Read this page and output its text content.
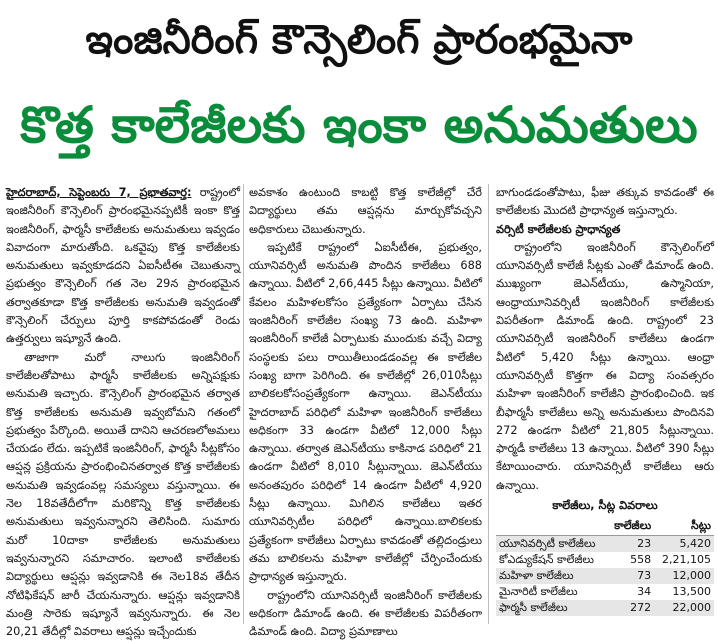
ఇంజినీరింగ్ కౌన్సెలింగ్ ప్రారంభమైనా
కొత్త కాలేజీలకు ఇంకా అనుమతులు

హైదరాబాద్, సెప్టెంబరు 7, ప్రభాతవార్త: రాష్ట్రంలో ఇంజినీరింగ్ కౌన్సెలింగ్ ప్రారంభమైనప్పటికీ ఇంకా కొత్త ఇంజినీరింగ్, ఫార్మసీ కాలేజీలకు అనుమతులు ఇవ్వడం వివాదంగా మారుతోంది. ఒకవైపు కొత్త కాలేజీలకు అనుమతులు ఇవ్వకూడదని ఏఐసీటీఈ చెబుతున్నా ప్రభుత్వం కౌన్సెలింగ్ గత నెల 29న ప్రారంభమైన తర్వాతకూడా కొత్త కాలేజీలకు అనుమతి ఇవ్వడంతో కౌన్సెలింగ్ చేర్పులు పూర్తి కాకపోవడంతో రెండు ఉత్తర్వులు ఇష్యూనే ఉంది.

తాజాగా మరో నాలుగు ఇంజినీరింగ్ కాలేజీలతోపాటు ఫార్మసీ కాలేజీలకు అన్నిపక్షుకు అనుమతి ఇచ్చారు. కౌన్సెలింగ్ ప్రారంభమైన తర్వాత కొత్త కాలేజీలకు అనుమతి ఇవ్వబోమని గతంలో ప్రభుత్వం పేర్కొంది. అయితే దానిని ఆచరణలోఅమలు చేయడం లేదు. ఇప్పటికే ఇంజినీరింగ్, ఫార్మసీ సీట్లకోసం ఆప్షన్ల ప్రక్రియను ప్రారంభించినతర్వాత కొత్త కాలేజీలకు అనుమతి ఇవ్వడంవల్ల సమస్యలు వస్తున్నాయి. ఈ నెల 18వతేదీలోగా మరికొన్ని కొత్త కాలేజీలకు అనుమతులు ఇవ్వనున్నారని తెలిసింది. సుమారు మరో 10దాకా కాలేజీలకు అనుమతులు ఇవ్వనున్నారని సమాచారం. ఇలాంటి కాలేజీలకు విద్యార్థులు ఆప్షన్లు ఇవ్వడానికి ఈ నెల18వ తేదీన నోటిఫికేషన్ జారీ చేయనున్నారు. ఆప్షన్లు ఇవ్వడానికి మంత్రి సారెకు ఇష్యూనే ఇవ్వనున్నారు. ఈ నెల 20,21 తేదీల్లో వివరాలు ఆప్షన్లు ఇచ్చేందుకు

అవకాశం ఉంటుంది కాబట్టి కొత్త కాలేజీల్లో చేరే విద్యార్థులు తమ ఆప్షన్లను మార్చుకోవచ్చని అధికారులు చెబుతున్నారు.

ఇప్పటికే రాష్ట్రంలో ఏఐసీటీఈ, ప్రభుత్వం, యూనివర్సిటీ అనుమతి పొందిన కాలేజీలు 688 ఉన్నాయి. వీటిలో 2,66,445 సీట్లు ఉన్నాయి. వీటిలో కేవలం మహిళలకోసం ప్రత్యేకంగా ఏర్పాటు చేసిన ఇంజినీరింగ్ కాలేజీల సంఖ్య 73 ఉంది. మహిళా ఇంజినీరింగ్ కాలేజీ ఏర్పాటుకు ముందుకు వచ్చే విద్యా సంస్థలకు పలు రాయితీలుండడంవల్ల ఈ కాలేజీల సంఖ్య బాగా పెరిగింది. ఈ కాలేజీల్లో 26,010సీట్లు బాలికలకోసంప్రత్యేకంగా ఉన్నాయి. జెఎన్‌టీయు హైదరాబాద్ పరిధిలో మహిళా ఇంజినీరింగ్ కాలేజీలు అధికంగా 33 ఉండగా వీటిలో 12,000 సీట్లు ఉన్నాయి. తర్వాత జెఎన్‌టీయు కాకినాడ పరిధిలో 21 ఉండగా వీటిలో 8,010 సీట్లున్నాయి. జెఎన్‌టీయు అనంతపురం పరిధిలో 14 ఉండగా వీటిలో 4,920 సీట్లు ఉన్నాయి. మిగిలిన కాలేజీలు ఇతర యూనివర్సిటీల పరిధిలో ఉన్నాయి.బాలికలకు ప్రత్యేకంగా కాలేజీలు ఏర్పాటు కావడంతో తల్లిదండ్రులు తమ బాలికలను మహిళా కాలేజీల్లో చేర్పించేందుకు ప్రాధాన్యత ఇస్తున్నారు.

రాష్ట్రంలోని యూనివర్సిటీ ఇంజినీరింగ్ కాలేజీలకు అధికంగా డిమాండ్ ఉంది. ఈ కాలేజీలకు విపరీతంగా డిమాండ్ ఉంది. విద్యా ప్రమాణాలు

బాగుండడంతోపాటు, ఫీజు తక్కువ కావడంతో ఈ కాలేజీలకు మొదటి ప్రాధాన్యత ఇస్తున్నారు.

వర్సిటీ కాలేజీలకు ప్రాధాన్యత

రాష్ట్రంలోని ఇంజినీరింగ్ కౌన్సెలింగ్‌లో యూనివర్సిటీ కాలేజీ సీట్లకు ఎంతో డిమాండ్ ఉంది. ముఖ్యంగా జెఎన్‌టీయు, ఉస్మానియా, ఆంధ్రాయూనివర్సిటీ ఇంజినీరింగ్ కాలేజీలకు విపరీతంగా డిమాండ్ ఉంది. రాష్ట్రంలో 23 యూనివర్సిటీ ఇంజినీరింగ్ కాలేజీలు ఉండగా వీటిలో 5,420 సీట్లు ఉన్నాయి. ఆంధ్రా యూనివర్సిటీ కొత్తగా ఈ విద్యా సంవత్సరం మహిళా ఇంజినీరింగ్ కాలేజీని ప్రారంభించింది. ఇక బీఫార్మసీ కాలేజీలు అన్ని అనుమతులు పొందినవి 272 ఉండగా వీటిలో 21,805 సీట్లున్నాయి. ఫార్మడీ కాలేజీలు 13 ఉన్నాయి. వీటిలో 390 సీట్లు కేటాయించారు. యూనివర్సిటీ కాలేజీలు ఆరు ఉన్నాయి.

కాలేజీలు, సీట్ల వివరాలు

	కాలేజీలు	సీట్లు
యూనివర్సిటీ కాలేజీలు	23	5,420
కోఎడ్యుకేషన్ కాలేజీలు	558	2,21,105
మహిళా కాలేజీలు	73	12,000
మైనారిటీ కాలేజీలు	34	13,500
ఫార్మసీ కాలేజీలు	272	22,000
